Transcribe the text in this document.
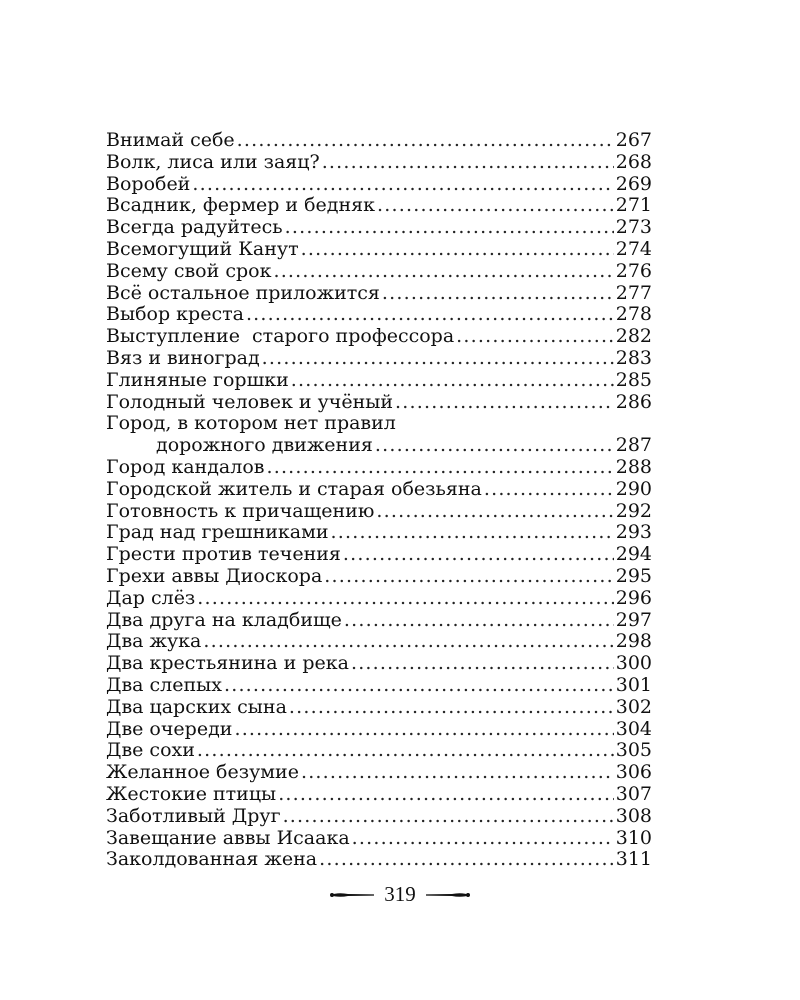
Внимай себе .....	267
Волк, лиса или заяц? .....	268
Воробей .....	269
Всадник, фермер и бедняк .....	271
Всегда радуйтесь .....	273
Всемогущий Канут .....	274
Всему свой срок .....	276
Всё остальное приложится .....	277
Выбор креста .....	278
Выступление  старого профессора .....	282
Вяз и виноград .....	283
Глиняные горшки .....	285
Голодный человек и учёный .....	286
Город, в котором нет правил
дорожного движения .....	287
Город кандалов .....	288
Городской житель и старая обезьяна .....	290
Готовность к причащению .....	292
Град над грешниками .....	293
Грести против течения .....	294
Грехи аввы Диоскора .....	295
Дар слёз .....	296
Два друга на кладбище .....	297
Два жука .....	298
Два крестьянина и река .....	300
Два слепых .....	301
Два царских сына .....	302
Две очереди .....	304
Две сохи .....	305
Желанное безумие .....	306
Жестокие птицы .....	307
Заботливый Друг .....	308
Завещание аввы Исаака .....	310
Заколдованная жена .....	311
319
